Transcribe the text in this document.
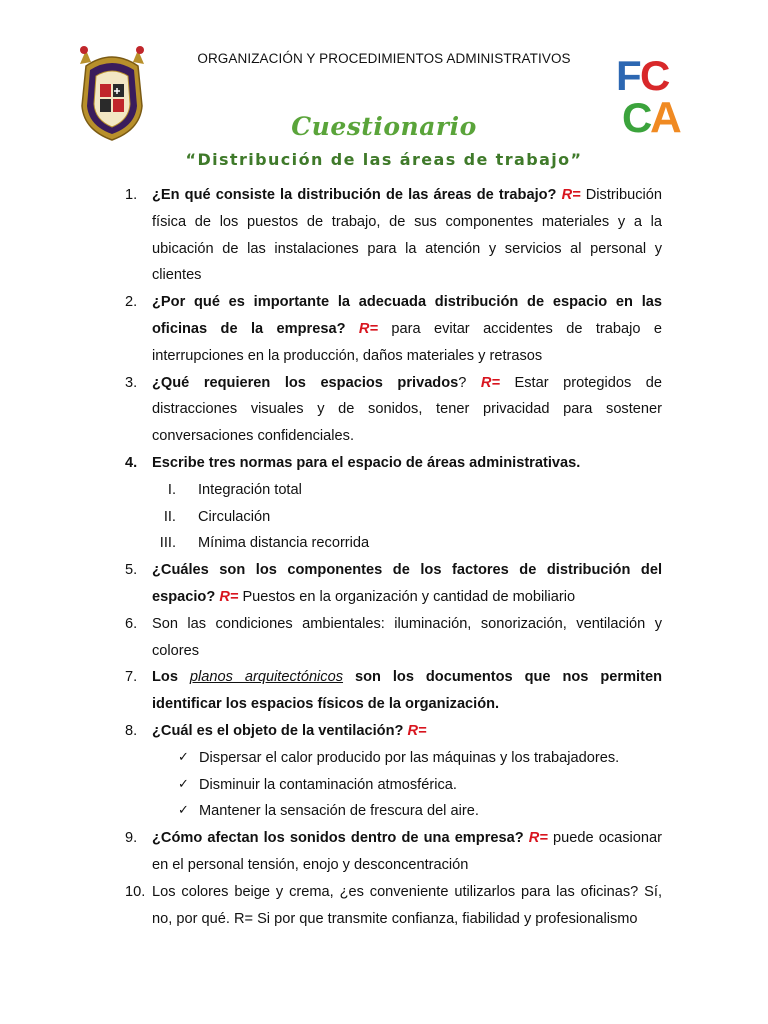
ORGANIZACIÓN Y PROCEDIMIENTOS ADMINISTRATIVOS	F
C
C
A
Cuestionario
“Distribución de las áreas de trabajo”
1. ¿En qué consiste la distribución de las áreas de trabajo? R= Distribución física de los puestos de trabajo, de sus componentes materiales y a la ubicación de las instalaciones para la atención y servicios al personal y clientes
2. ¿Por qué es importante la adecuada distribución de espacio en las oficinas de la empresa? R= para evitar accidentes de trabajo e interrupciones en la producción, daños materiales y retrasos
3. ¿Qué requieren los espacios privados? R= Estar protegidos de distracciones visuales y de sonidos, tener privacidad para sostener conversaciones confidenciales.
4. Escribe tres normas para el espacio de áreas administrativas.
I. Integración total
II. Circulación
III. Mínima distancia recorrida
5. ¿Cuáles son los componentes de los factores de distribución del espacio? R= Puestos en la organización y cantidad de mobiliario
6. Son las condiciones ambientales: iluminación, sonorización, ventilación y colores
7. Los planos arquitectónicos son los documentos que nos permiten identificar los espacios físicos de la organización.
8. ¿Cuál es el objeto de la ventilación? R=
✓ Dispersar el calor producido por las máquinas y los trabajadores.
✓ Disminuir la contaminación atmosférica.
✓ Mantener la sensación de frescura del aire.
9. ¿Cómo afectan los sonidos dentro de una empresa? R= puede ocasionar en el personal tensión, enojo y desconcentración
10. Los colores beige y crema, ¿es conveniente utilizarlos para las oficinas? Sí, no, por qué. R= Si por que transmite confianza, fiabilidad y profesionalismo
